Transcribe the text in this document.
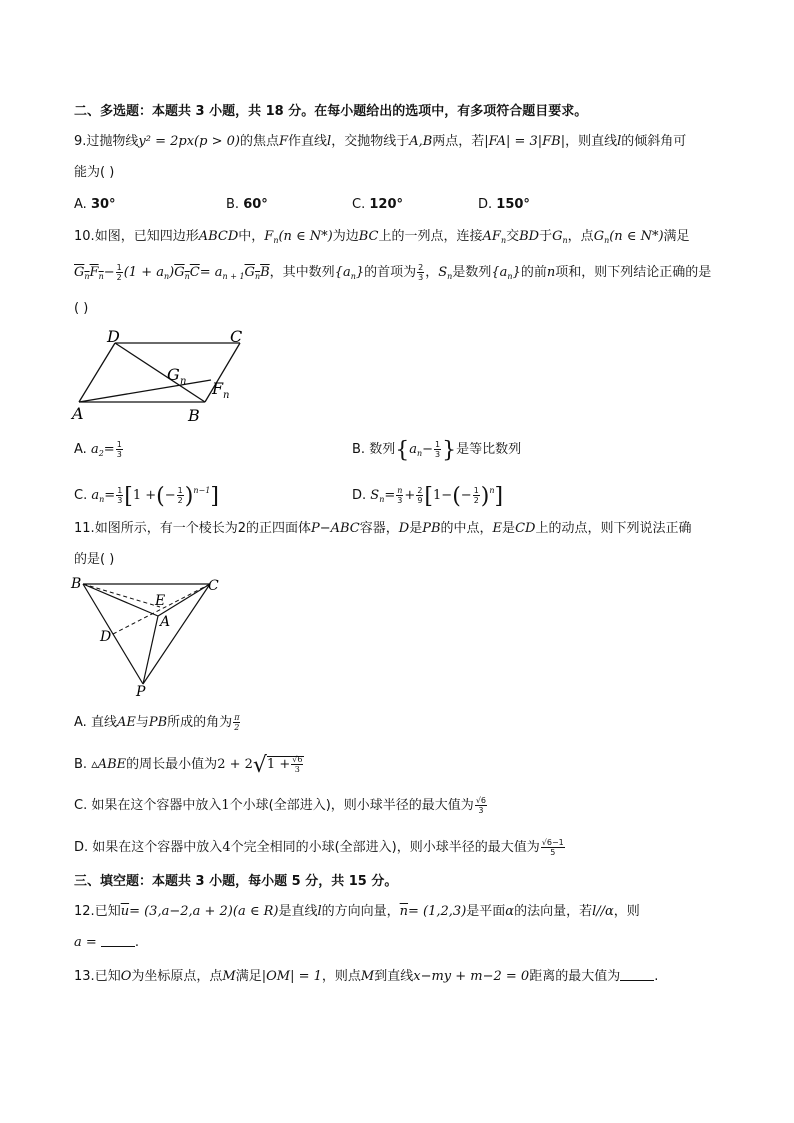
二、多选题：本题共 3 小题，共 18 分。在每小题给出的选项中，有多项符合题目要求。
9.过抛物线y² = 2px(p > 0)的焦点F作直线l，交抛物线于A,B两点，若|FA| = 3|FB|，则直线l的倾斜角可
能为( )
A. 30°	B. 60°	C. 120°	D. 150°
10.如图，已知四边形ABCD中，$F_n(n$ ∈ N*)为边BC上的一列点，连接$AF_n$交BD于$G_n$，点$G_n(n$ ∈ N*)满足
$G_nF_n- \frac{1}{2} (1 + a_n)G_nC= a_{n + 1}G_nB$，其中数列$\{a_n\}$的首项为 $\frac{2}{3}$ ，$S_n$是数列$\{a_n\}$的前n项和，则下列结论正确的是
( )
D	C
A	B
G n F n
A. $a_2= \frac{1}{3}$	B. 数列{$a_n- \frac{1}{3}$ }是等比数列
C. $a_n= \frac{1}{3} [1$ +(− $\frac{1}{2} )^{n-1}$]	D. $S_n= \frac{n}{3} + \frac{2}{9} [1-(- \frac{1}{2} )^n]$
11.如图所示，有一个棱长为2的正四面体P−ABC容器，D是PB的中点，E是CD上的动点，则下列说法正确
的是( )
B	C
E
A
D
P
A. 直线AE与PB所成的角为 $\frac{\pi}{2}$
B. ▵ABE的周长最小值为$2 + 2√1 + \frac{√6}{3}$
C. 如果在这个容器中放入1个小球(全部进入)，则小球半径的最大值为 $\frac{√6}{3}$
D. 如果在这个容器中放入4个完全相同的小球(全部进入)，则小球半径的最大值为 $\frac{√6-1}{5}$
三、填空题：本题共 3 小题，每小题 5 分，共 15 分。
12.已知$\overline{u}= (3,a-2,a + 2)(a$ ∈ R)是直线l的方向向量，$\overline{n}= (1,2,3)$是平面α的法向量，若l//α，则
a =	.
13.已知O为坐标原点，点M满足|OM| = 1，则点M到直线x−my + m−2 = 0距离的最大值为	.
